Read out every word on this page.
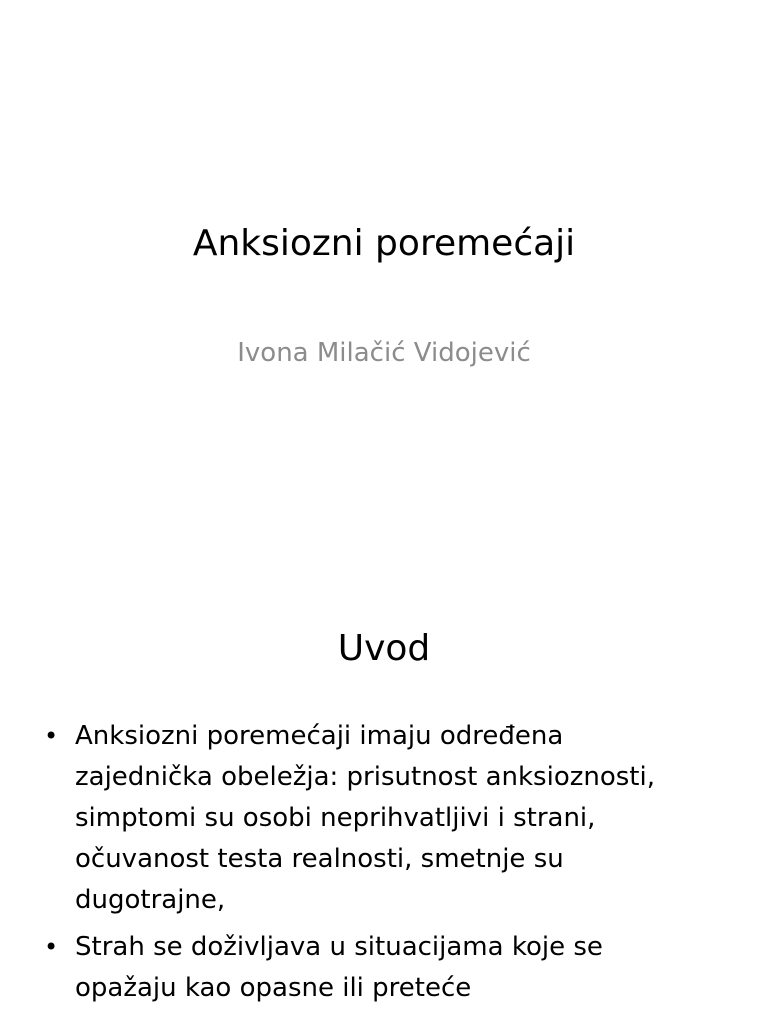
Anksiozni poremećaji
Ivona Milačić Vidojević
Uvod
• Anksiozni poremećaji imaju određena
zajednička obeležja: prisutnost anksioznosti,
simptomi su osobi neprihvatljivi i strani,
očuvanost testa realnosti, smetnje su
dugotrajne,
• Strah se doživljava u situacijama koje se
opažaju kao opasne ili preteće
